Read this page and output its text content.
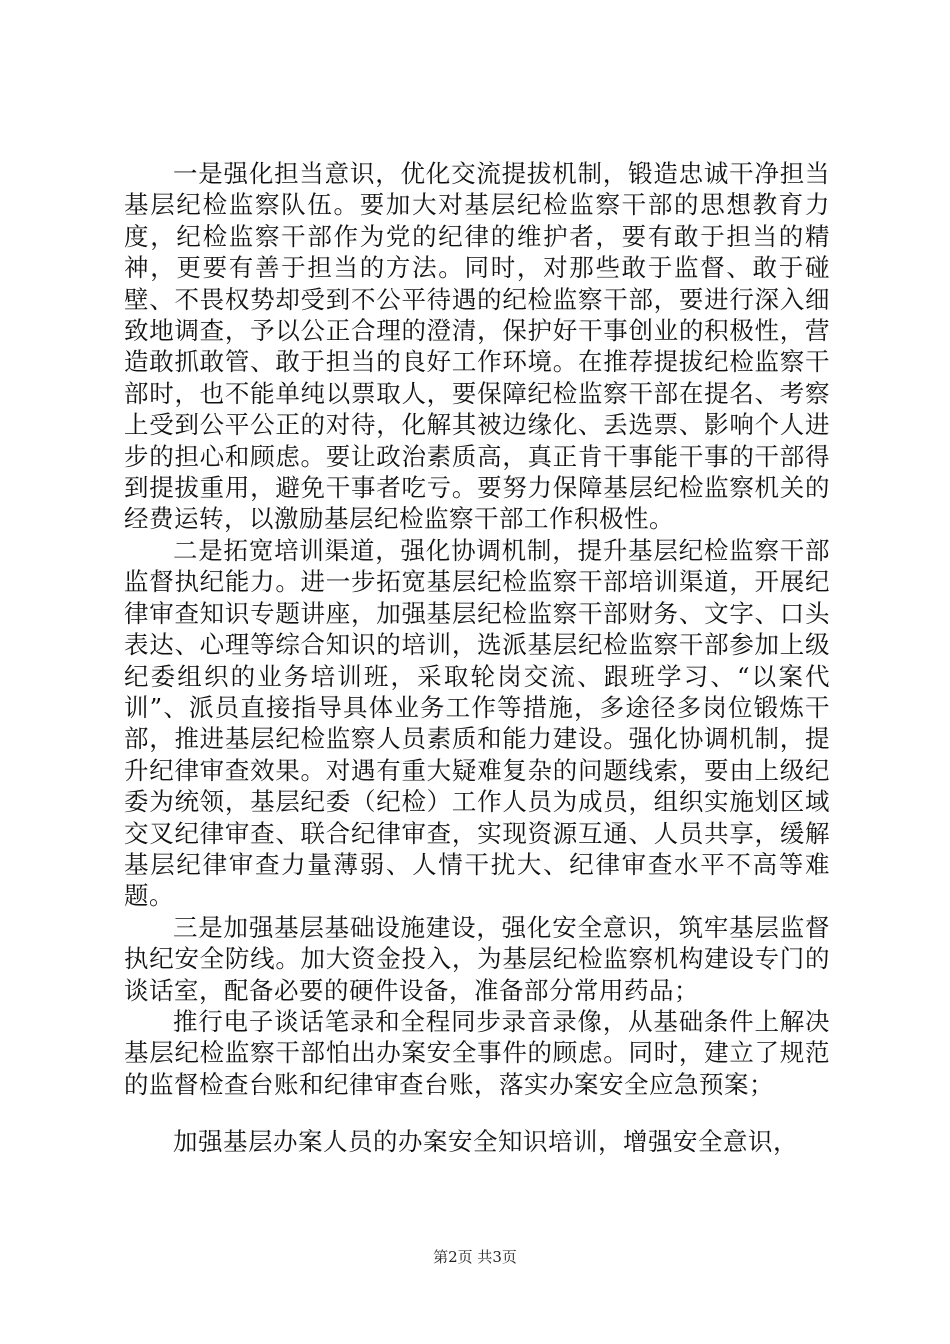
一是强化担当意识，优化交流提拔机制，锻造忠诚干净担当基层纪检监察队伍。要加大对基层纪检监察干部的思想教育力度，纪检监察干部作为党的纪律的维护者，要有敢于担当的精神，更要有善于担当的方法。同时，对那些敢于监督、敢于碰壁、不畏权势却受到不公平待遇的纪检监察干部，要进行深入细致地调查，予以公正合理的澄清，保护好干事创业的积极性，营造敢抓敢管、敢于担当的良好工作环境。在推荐提拔纪检监察干部时，也不能单纯以票取人，要保障纪检监察干部在提名、考察上受到公平公正的对待，化解其被边缘化、丢选票、影响个人进步的担心和顾虑。要让政治素质高，真正肯干事能干事的干部得到提拔重用，避免干事者吃亏。要努力保障基层纪检监察机关的经费运转，以激励基层纪检监察干部工作积极性。

二是拓宽培训渠道，强化协调机制，提升基层纪检监察干部监督执纪能力。进一步拓宽基层纪检监察干部培训渠道，开展纪律审查知识专题讲座，加强基层纪检监察干部财务、文字、口头表达、心理等综合知识的培训，选派基层纪检监察干部参加上级纪委组织的业务培训班，采取轮岗交流、跟班学习、“以案代训”、派员直接指导具体业务工作等措施，多途径多岗位锻炼干部，推进基层纪检监察人员素质和能力建设。强化协调机制，提升纪律审查效果。对遇有重大疑难复杂的问题线索，要由上级纪委为统领，基层纪委（纪检）工作人员为成员，组织实施划区域交叉纪律审查、联合纪律审查，实现资源互通、人员共享，缓解基层纪律审查力量薄弱、人情干扰大、纪律审查水平不高等难题。

三是加强基层基础设施建设，强化安全意识，筑牢基层监督执纪安全防线。加大资金投入，为基层纪检监察机构建设专门的谈话室，配备必要的硬件设备，准备部分常用药品；

推行电子谈话笔录和全程同步录音录像，从基础条件上解决基层纪检监察干部怕出办案安全事件的顾虑。同时，建立了规范的监督检查台账和纪律审查台账，落实办案安全应急预案；

加强基层办案人员的办案安全知识培训，增强安全意识，

第2页 共3页
